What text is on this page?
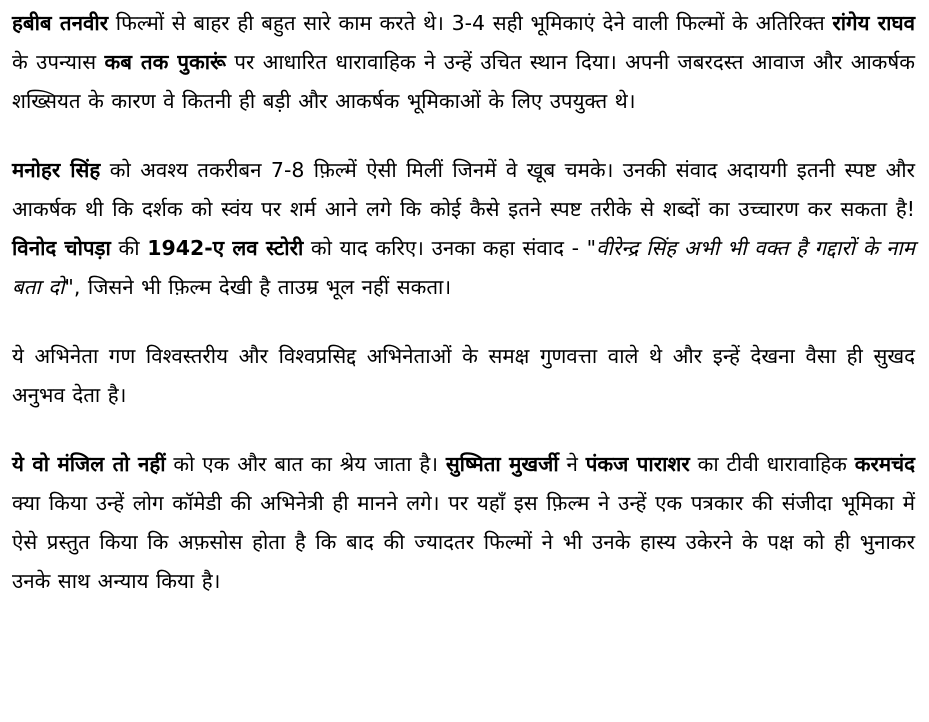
हबीब तनवीर फिल्मों से बाहर ही बहुत सारे काम करते थे। 3-4 सही भूमिकाएं देने वाली फिल्मों के अतिरिक्त रांगेय राघव के उपन्यास कब तक पुकारूं पर आधारित धारावाहिक ने उन्हें उचित स्थान दिया। अपनी जबरदस्त आवाज और आकर्षक शख्सियत के कारण वे कितनी ही बड़ी और आकर्षक भूमिकाओं के लिए उपयुक्त थे।

मनोहर सिंह को अवश्य तकरीबन 7-8 फ़िल्में ऐसी मिलीं जिनमें वे खूब चमके। उनकी संवाद अदायगी इतनी स्पष्ट और आकर्षक थी कि दर्शक को स्वंय पर शर्म आने लगे कि कोई कैसे इतने स्पष्ट तरीके से शब्दों का उच्चारण कर सकता है! विनोद चोपड़ा की 1942-ए लव स्टोरी को याद करिए। उनका कहा संवाद - "वीरेन्द्र सिंह अभी भी वक्त है गद्दारों के नाम बता दो", जिसने भी फ़िल्म देखी है ताउम्र भूल नहीं सकता।

ये अभिनेता गण विश्वस्तरीय और विश्वप्रसिद्द अभिनेताओं के समक्ष गुणवत्ता वाले थे और इन्हें देखना वैसा ही सुखद अनुभव देता है।

ये वो मंजिल तो नहीं को एक और बात का श्रेय जाता है। सुष्मिता मुखर्जी ने पंकज पाराशर का टीवी धारावाहिक करमचंद क्या किया उन्हें लोग कॉमेडी की अभिनेत्री ही मानने लगे। पर यहाँ इस फ़िल्म ने उन्हें एक पत्रकार की संजीदा भूमिका में ऐसे प्रस्तुत किया कि अफ़सोस होता है कि बाद की ज्यादतर फिल्मों ने भी उनके हास्य उकेरने के पक्ष को ही भुनाकर उनके साथ अन्याय किया है।
